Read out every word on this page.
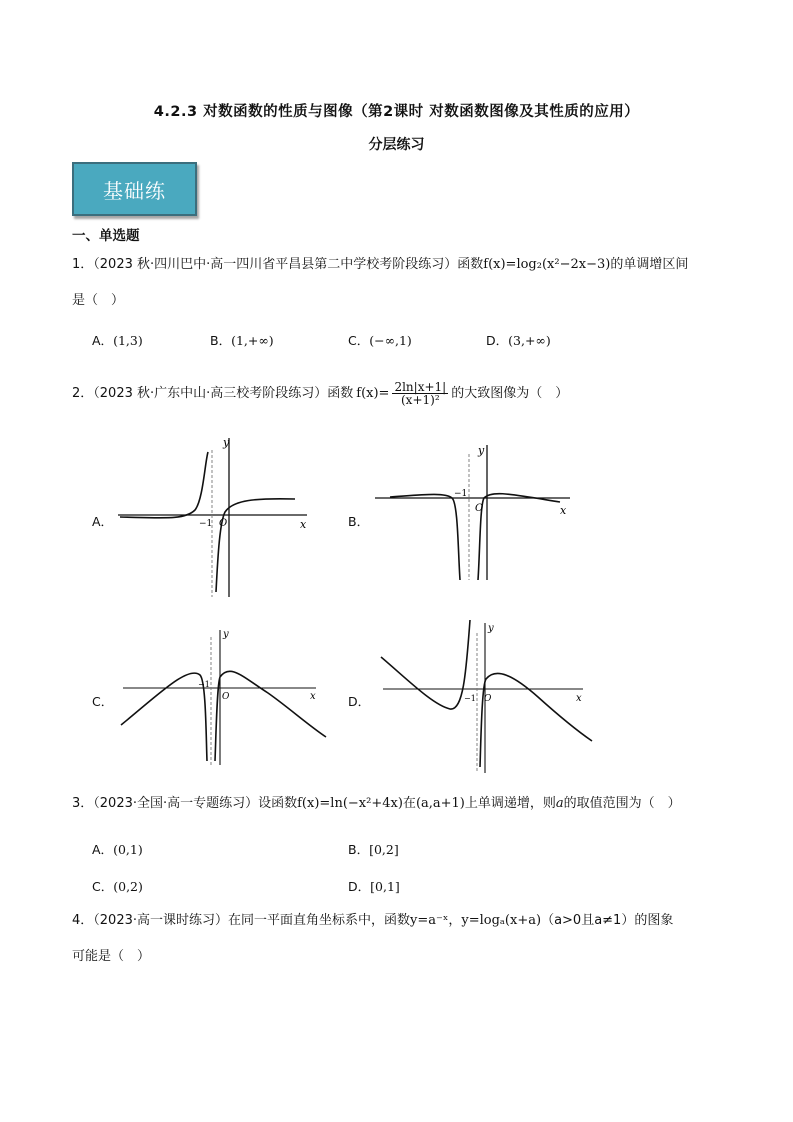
4.2.3 对数函数的性质与图像（第2课时 对数函数图像及其性质的应用）
分层练习
基础练
一、单选题
1．（2023 秋·四川巴中·高一四川省平昌县第二中学校考阶段练习）函数f(x)=log₂(x²−2x−3)的单调增区间
是（　）
A．(1,3)	B．(1,+∞)	C．(−∞,1)	D．(3,+∞)
2．（2023 秋·广东中山·高三校考阶段练习）函数 $f(x)= \frac{2\ln|x+1|}{\text{(x+1)²}}$ 的大致图像为（　）
A．	B．
C．	D．
y
x
O
−1
y
x
O
−1
y
x
O
−1
y
x
O
−1
3．（2023·全国·高一专题练习）设函数f(x)=ln(−x²+4x)在(a,a+1)上单调递增，则a的取值范围为（　）
A．(0,1)	B．[0,2]
C．(0,2)	D．[0,1]
4．（2023·高一课时练习）在同一平面直角坐标系中，函数y=a⁻ˣ，y=logₐ(x+a)（a>0且a≠1）的图象
可能是（　）
